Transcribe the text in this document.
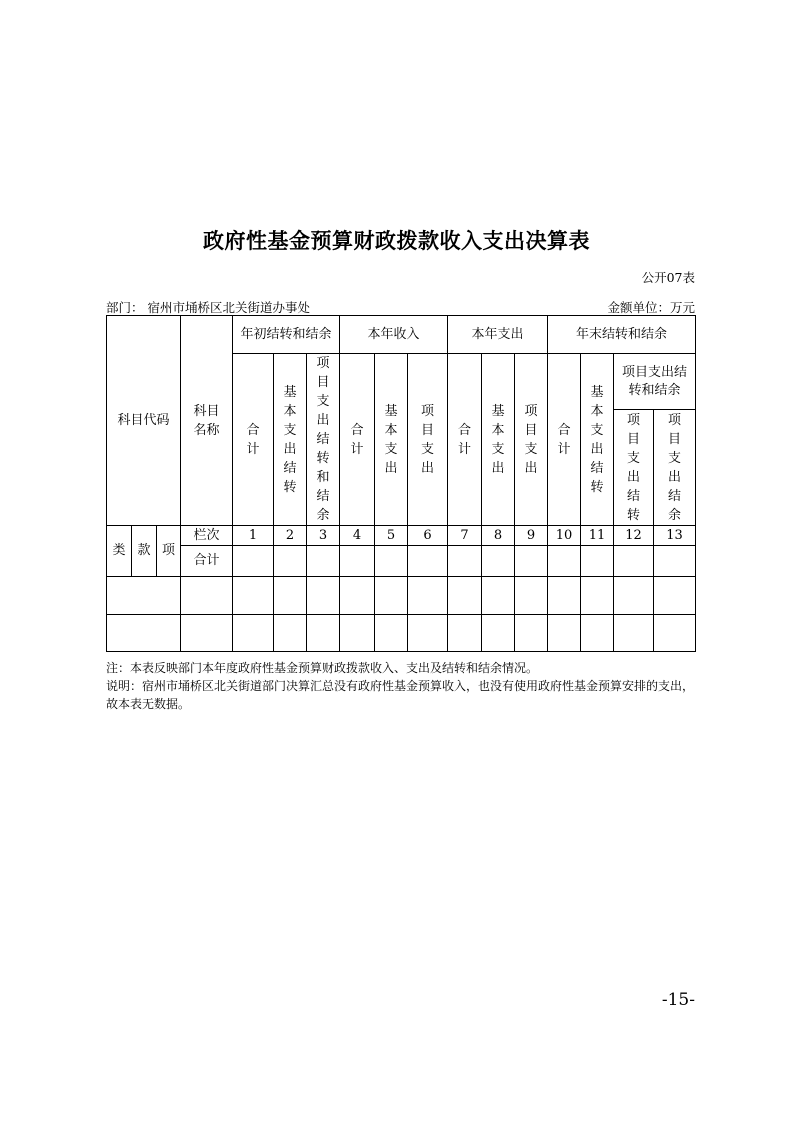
政府性基金预算财政拨款收入支出决算表
公开07表
部门： 宿州市埇桥区北关街道办事处	金额单位：万元
科目代码			科目名称	年初结转和结余			本年收入			本年支出			年末结转和结余			
				合计	基本支出结转	项目支出结转和结余	合计	基本支出	项目支出	合计	基本支出	项目支出	合计	基本支出结转	项目支出结转和结余	
															项目支出结转	项目支出结余
类	款	项	栏次	1	2	3	4	5	6	7	8	9	10	11	12	13
			合计													

注：本表反映部门本年度政府性基金预算财政拨款收入、支出及结转和结余情况。
说明：宿州市埇桥区北关街道部门决算汇总没有政府性基金预算收入，也没有使用政府性基金预算安排的支出，故本表无数据。
-15-
